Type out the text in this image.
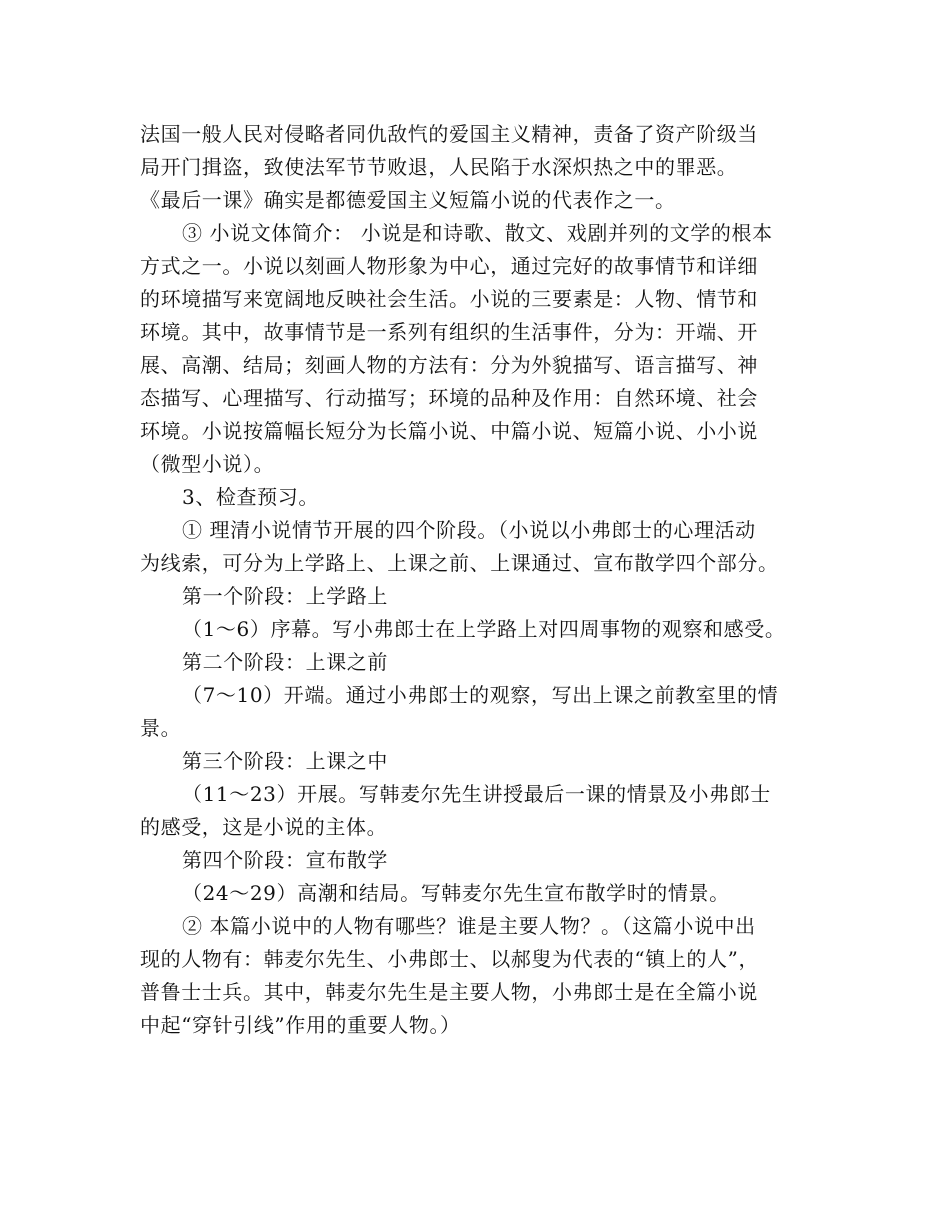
法国一般人民对侵略者同仇敌忾的爱国主义精神，责备了资产阶级当
局开门揖盗，致使法军节节败退，人民陷于水深炽热之中的罪恶。
《最后一课》确实是都德爱国主义短篇小说的代表作之一。
③ 小说文体简介： 小说是和诗歌、散文、戏剧并列的文学的根本
方式之一。小说以刻画人物形象为中心，通过完好的故事情节和详细
的环境描写来宽阔地反映社会生活。小说的三要素是：人物、情节和
环境。其中，故事情节是一系列有组织的生活事件，分为：开端、开
展、高潮、结局；刻画人物的方法有：分为外貌描写、语言描写、神
态描写、心理描写、行动描写；环境的品种及作用：自然环境、社会
环境。小说按篇幅长短分为长篇小说、中篇小说、短篇小说、小小说
（微型小说）。
3、检查预习。
① 理清小说情节开展的四个阶段。（小说以小弗郎士的心理活动
为线索，可分为上学路上、上课之前、上课通过、宣布散学四个部分。
第一个阶段：上学路上
（1～6）序幕。写小弗郎士在上学路上对四周事物的观察和感受。
第二个阶段：上课之前
（7～10）开端。通过小弗郎士的观察，写出上课之前教室里的情
景。
第三个阶段：上课之中
（11～23）开展。写韩麦尔先生讲授最后一课的情景及小弗郎士
的感受，这是小说的主体。
第四个阶段：宣布散学
（24～29）高潮和结局。写韩麦尔先生宣布散学时的情景。
② 本篇小说中的人物有哪些？谁是主要人物？。（这篇小说中出
现的人物有：韩麦尔先生、小弗郎士、以郝叟为代表的“镇上的人”，
普鲁士士兵。其中，韩麦尔先生是主要人物，小弗郎士是在全篇小说
中起“穿针引线”作用的重要人物。）
